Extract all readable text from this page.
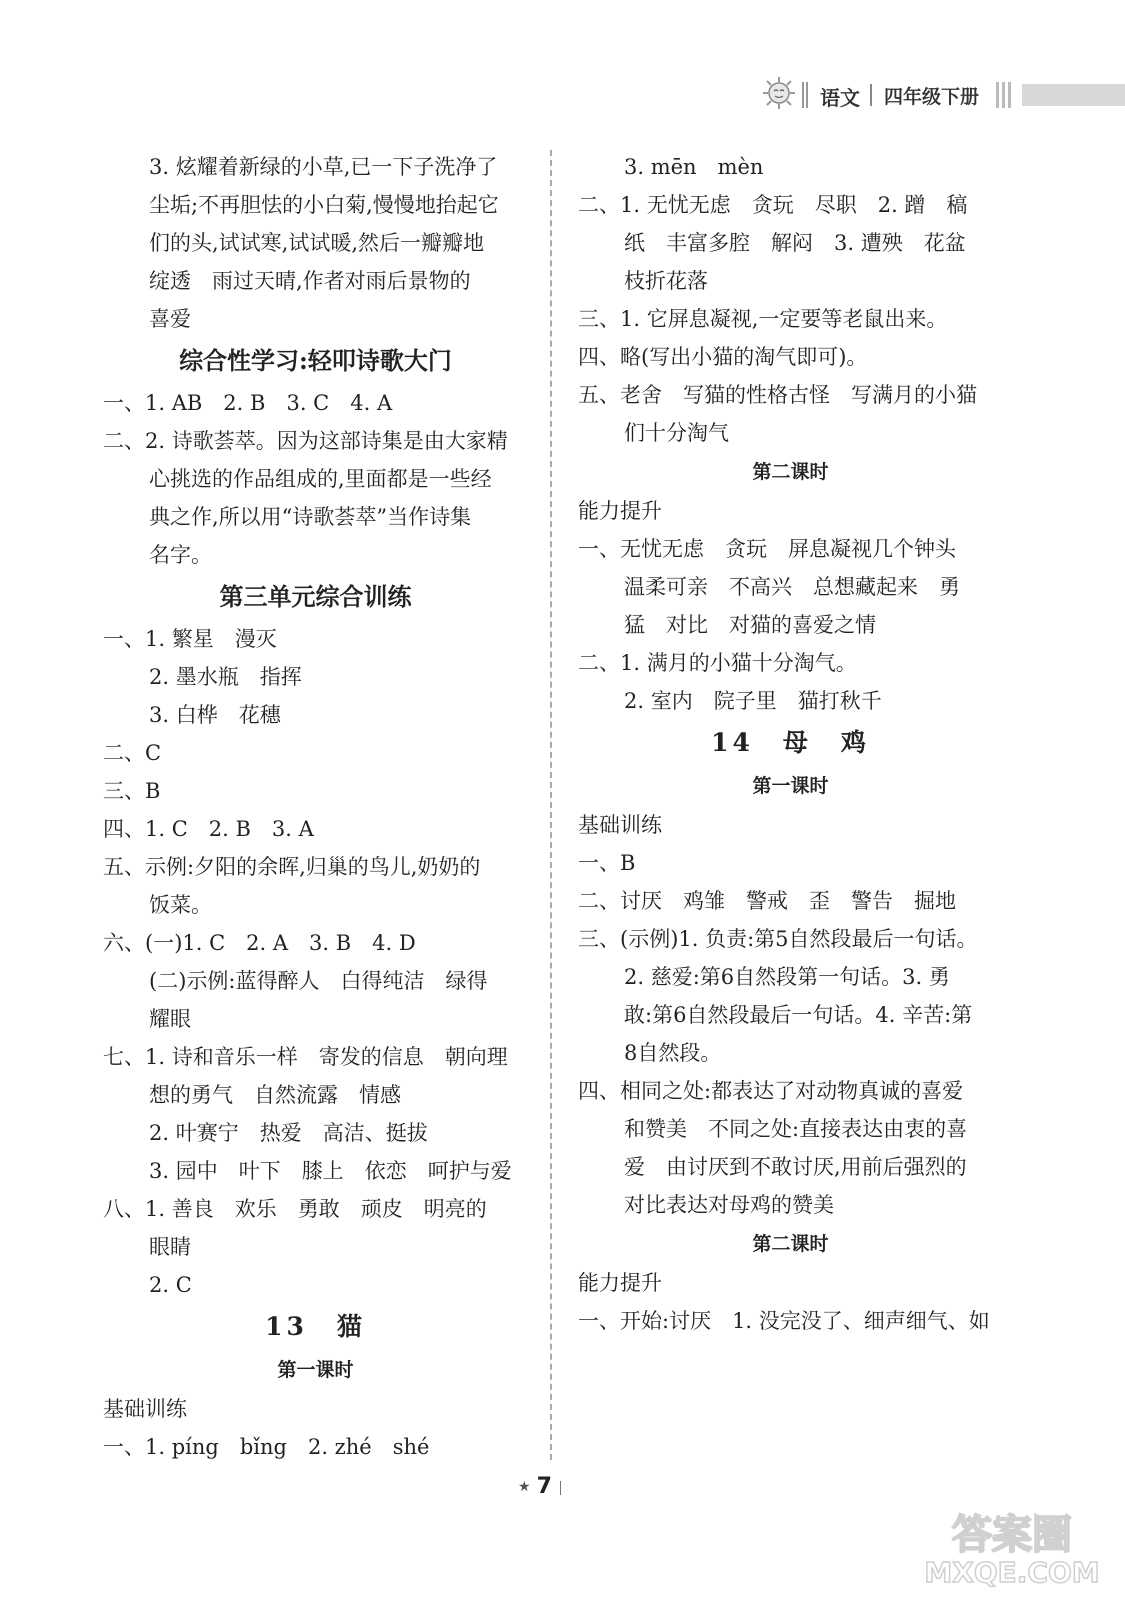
语文 四年级下册
3. 炫耀着新绿的小草,已一下子洗净了
尘垢;不再胆怯的小白菊,慢慢地抬起它
们的头,试试寒,试试暖,然后一瓣瓣地
绽透　雨过天晴,作者对雨后景物的
喜爱
综合性学习:轻叩诗歌大门
一、1. AB　2. B　3. C　4. A
二、2. 诗歌荟萃。因为这部诗集是由大家精
心挑选的作品组成的,里面都是一些经
典之作,所以用“诗歌荟萃”当作诗集
名字。
第三单元综合训练
一、1. 繁星　漫灭
2. 墨水瓶　指挥
3. 白桦　花穗
二、C
三、B
四、1. C　2. B　3. A
五、示例:夕阳的余晖,归巢的鸟儿,奶奶的
饭菜。
六、(一)1. C　2. A　3. B　4. D
(二)示例:蓝得醉人　白得纯洁　绿得
耀眼
七、1. 诗和音乐一样　寄发的信息　朝向理
想的勇气　自然流露　情感
2. 叶赛宁　热爱　高洁、挺拔
3. 园中　叶下　膝上　依恋　呵护与爱
八、1. 善良　欢乐　勇敢　顽皮　明亮的
眼睛
2. C
13　猫
第一课时
基础训练
一、1. píng　bǐng　2. zhé　shé
3. mēn　mèn
二、1. 无忧无虑　贪玩　尽职　2. 蹭　稿
纸　丰富多腔　解闷　3. 遭殃　花盆
枝折花落
三、1. 它屏息凝视,一定要等老鼠出来。
四、略(写出小猫的淘气即可)。
五、老舍　写猫的性格古怪　写满月的小猫
们十分淘气
第二课时
能力提升
一、无忧无虑　贪玩　屏息凝视几个钟头
温柔可亲　不高兴　总想藏起来　勇
猛　对比　对猫的喜爱之情
二、1. 满月的小猫十分淘气。
2. 室内　院子里　猫打秋千
14　母　鸡
第一课时
基础训练
一、B
二、讨厌　鸡雏　警戒　歪　警告　掘地
三、(示例)1. 负责:第5自然段最后一句话。
2. 慈爱:第6自然段第一句话。3. 勇
敢:第6自然段最后一句话。4. 辛苦:第
8自然段。
四、相同之处:都表达了对动物真诚的喜爱
和赞美　不同之处:直接表达由衷的喜
爱　由讨厌到不敢讨厌,用前后强烈的
对比表达对母鸡的赞美
第二课时
能力提升
一、开始:讨厌　1. 没完没了、细声细气、如
★ 7
答案圈
MXQE.COM
